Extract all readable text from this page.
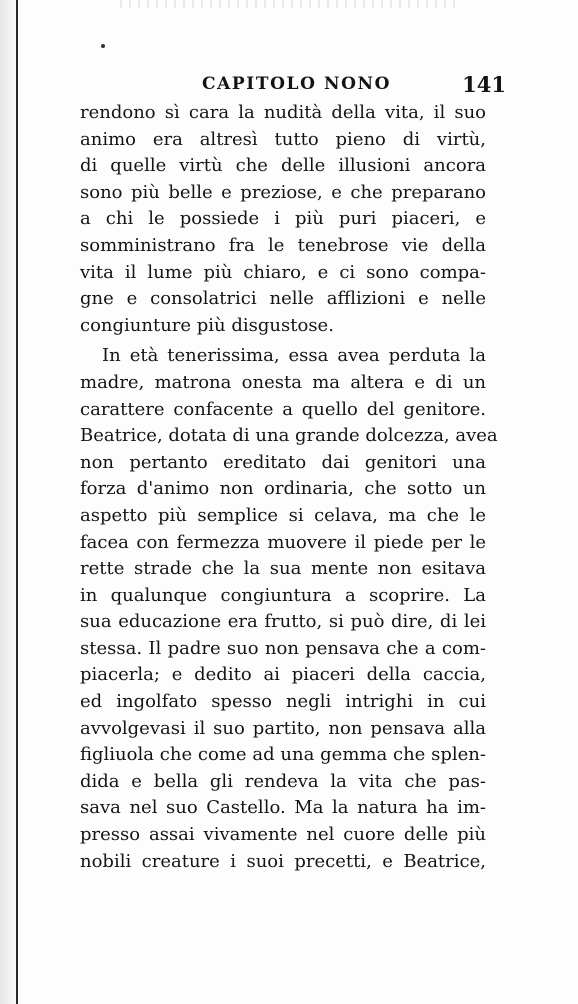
CAPITOLO NONO	141
rendono sì cara la nudità della vita, il suo
animo era altresì tutto pieno di virtù,
di quelle virtù che delle illusioni ancora
sono più belle e preziose, e che preparano
a chi le possiede i più puri piaceri, e
somministrano fra le tenebrose vie della
vita il lume più chiaro, e ci sono compa-
gne e consolatrici nelle afflizioni e nelle
congiunture più disgustose.
In età tenerissima, essa avea perduta la
madre, matrona onesta ma altera e di un
carattere confacente a quello del genitore.
Beatrice, dotata di una grande dolcezza, avea
non pertanto ereditato dai genitori una
forza d'animo non ordinaria, che sotto un
aspetto più semplice si celava, ma che le
facea con fermezza muovere il piede per le
rette strade che la sua mente non esitava
in qualunque congiuntura a scoprire. La
sua educazione era frutto, si può dire, di lei
stessa. Il padre suo non pensava che a com-
piacerla; e dedito ai piaceri della caccia,
ed ingolfato spesso negli intrighi in cui
avvolgevasi il suo partito, non pensava alla
figliuola che come ad una gemma che splen-
dida e bella gli rendeva la vita che pas-
sava nel suo Castello. Ma la natura ha im-
presso assai vivamente nel cuore delle più
nobili creature i suoi precetti, e Beatrice,
